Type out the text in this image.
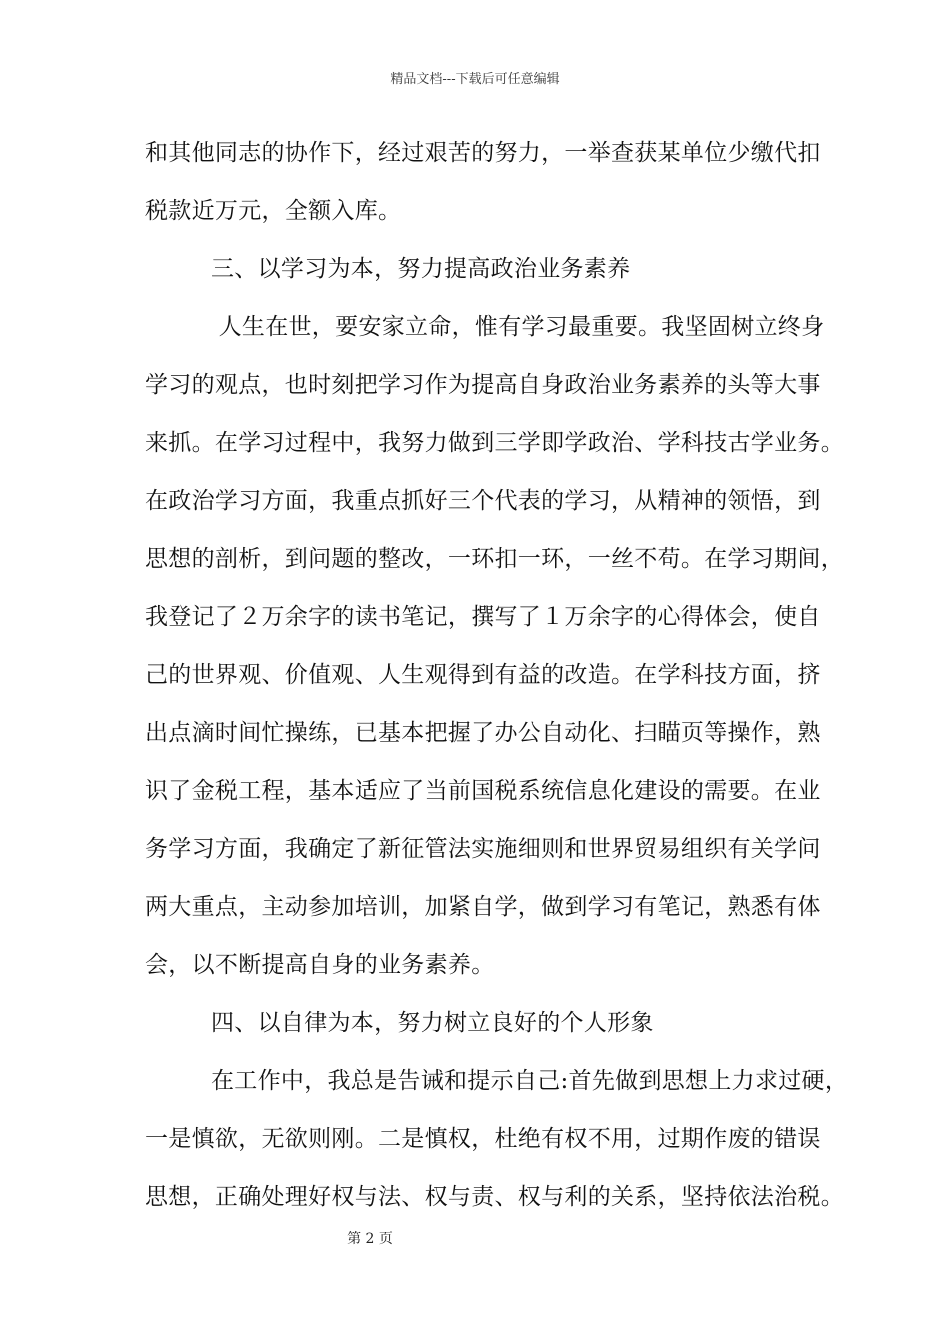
精品文档---下载后可任意编辑
和其他同志的协作下，经过艰苦的努力，一举查获某单位少缴代扣
税款近万元，全额入库。
三、以学习为本，努力提高政治业务素养
人生在世，要安家立命，惟有学习最重要。我坚固树立终身
学习的观点，也时刻把学习作为提高自身政治业务素养的头等大事
来抓。在学习过程中，我努力做到三学即学政治、学科技古学业务。
在政治学习方面，我重点抓好三个代表的学习，从精神的领悟，到
思想的剖析，到问题的整改，一环扣一环，一丝不苟。在学习期间，
我登记了２万余字的读书笔记，撰写了１万余字的心得体会，使自
己的世界观、价值观、人生观得到有益的改造。在学科技方面，挤
出点滴时间忙操练，已基本把握了办公自动化、扫瞄页等操作，熟
识了金税工程，基本适应了当前国税系统信息化建设的需要。在业
务学习方面，我确定了新征管法实施细则和世界贸易组织有关学问
两大重点，主动参加培训，加紧自学，做到学习有笔记，熟悉有体
会，以不断提高自身的业务素养。
四、以自律为本，努力树立良好的个人形象
在工作中，我总是告诫和提示自己:首先做到思想上力求过硬，
一是慎欲，无欲则刚。二是慎权，杜绝有权不用，过期作废的错误
思想，正确处理好权与法、权与责、权与利的关系，坚持依法治税。
第 2 页
